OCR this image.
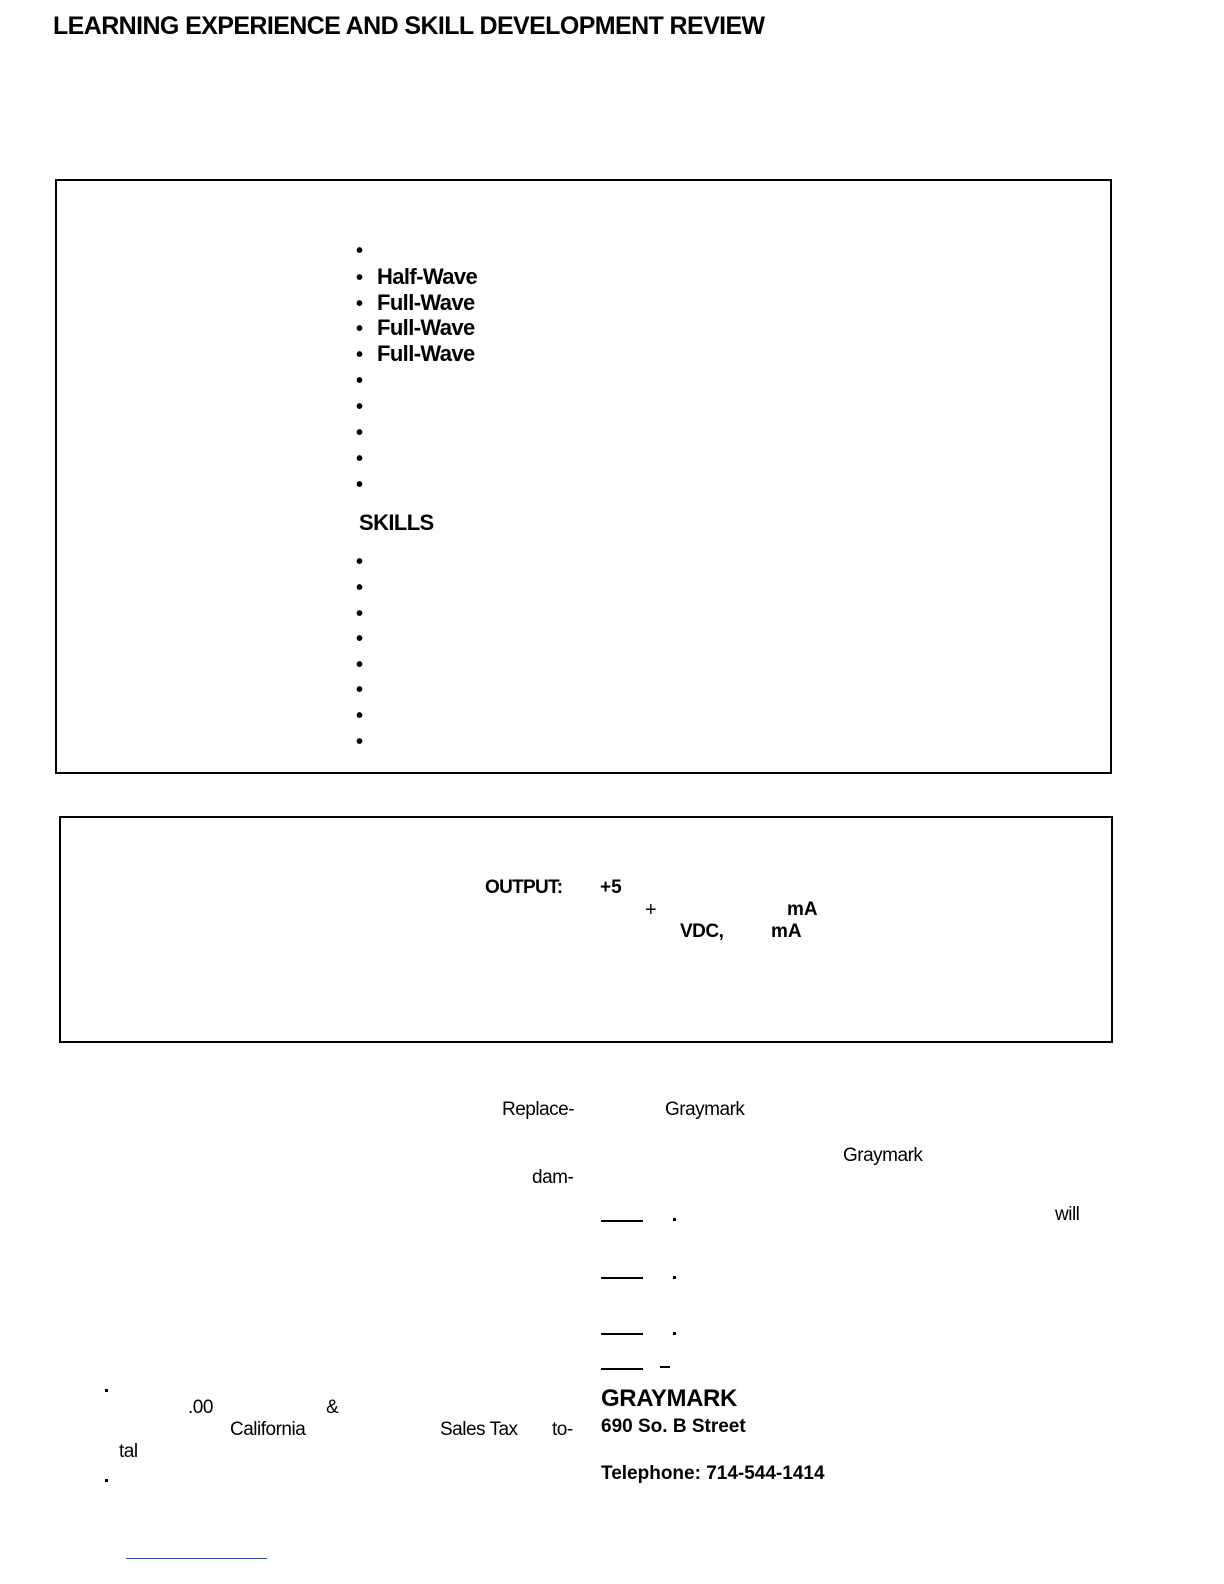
LEARNING EXPERIENCE AND SKILL DEVELOPMENT REVIEW
•
•
•
•
•
•
•
•
•
•
Half-Wave
Full-Wave
Full-Wave
Full-Wave
SKILLS
•
•
•
•
•
•
•
•
OUTPUT: +5
+	mA
VDC,	mA
Replace-	Graymark
Graymark
dam-
will
.00	&
California	Sales Tax to-
tal
GRAYMARK
690 So. B Street
Telephone: 714-544-1414
